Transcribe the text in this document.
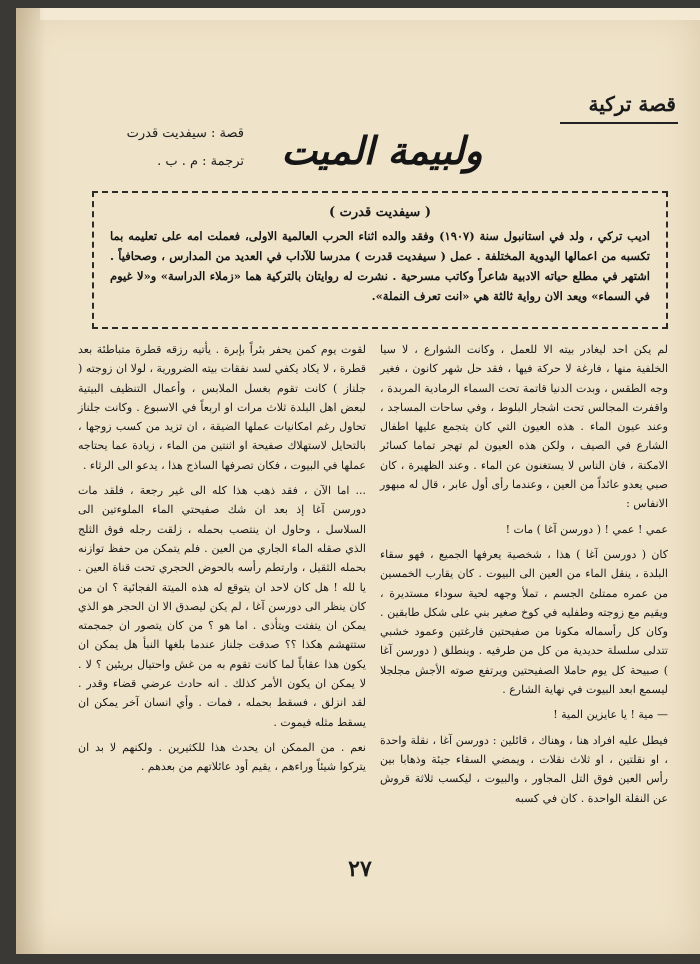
قصة تركية
ولبيمة الميت
قصة : سيفديت قدرت
ترجمة : م . ب .

( سيفديت قدرت )

اديب تركي ، ولد في استانبول سنة (١٩٠٧) وفقد والده اثناء الحرب العالمية الاولى، فعملت امه على تعليمه بما تكسبه من اعمالها اليدوية المختلفة . عمل ( سيفديت قدرت ) مدرسا للآداب في العديد من المدارس ، وصحافياً . اشتهر في مطلع حياته الادبية شاعراً وكاتب مسرحية . نشرت له روايتان بالتركية هما «زملاء الدراسة» و«لا غيوم في السماء» ويعد الان رواية ثالثة هي «انت تعرف النملة».

لم يكن احد ليغادر بيته الا للعمل ، وكانت الشوارع ، لا سيا الخلفية منها ، فارغة لا حركة فيها ، فقد حل شهر كانون ، فغير وجه الطقس ، وبدت الدنيا قاتمة تحت السماء الرمادية المربدة ، واقفرت المجالس تحت اشجار البلوط ، وفي ساحات المساجد ، وعند عيون الماء . هذه العيون التي كان يتجمع عليها اطفال الشارع في الصيف ، ولكن هذه العيون لم تهجر تماما كسائر الامكنة ، فان الناس لا يستغنون عن الماء . وعند الظهيرة ، كان صبي يعدو عائداً من العين ، وعندما رأى أول عابر ، قال له مبهور الانفاس :

عمي ! عمي ! ( دورسن آغا ) مات !

كان ( دورسن آغا ) هذا ، شخصية يعرفها الجميع ، فهو سقاء البلدة ، ينقل الماء من العين الى البيوت . كان يقارب الخمسين من عمره ممتلئ الجسم ، تملأ وجهه لحية سوداء مستديرة ، ويقيم مع زوجته وطفليه في كوخ صغير بني على شكل طابقين . وكان كل رأسماله مكونا من صفيحتين فارغتين وعمود خشبي تتدلى سلسلة حديدية من كل من طرفيه . وينطلق ( دورسن آغا ) صبيحة كل يوم حاملا الصفيحتين ويرتفع صوته الأجش مجلجلا ليسمع ابعد البيوت في نهاية الشارع .

— مية ! يا عايزين المية !

فيطل عليه افراد هنا ، وهناك ، قائلين : دورسن آغا ، نقلة واحدة ، او نقلتين ، او ثلاث نقلات ، ويمضي السقاء جيئة وذهابا بين رأس العين فوق التل المجاور ، والبيوت ، ليكسب ثلاثة قروش عن النقلة الواحدة . كان في كسبه

لقوت يوم كمن يحفر بئراً بإبرة . يأتيه رزقه قطرة متباطئة بعد قطرة ، لا يكاد يكفي لسد نفقات بيته الضرورية ، لولا ان زوجته ( جلناز ) كانت تقوم بغسل الملابس ، وأعمال التنظيف البيتية لبعض اهل البلدة ثلاث مرات او اربعاً في الاسبوع . وكانت جلناز تحاول رغم امكانيات عملها الضيقة ، ان تزيد من كسب زوجها ، بالتحايل لاستهلاك صفيحة او اثنتين من الماء ، زيادة عما يحتاجه عملها في البيوت ، فكان تصرفها الساذج هذا ، يدعو الى الرثاء .

... اما الآن ، فقد ذهب هذا كله الى غير رجعة ، فلقد مات دورسن آغا إذ بعد ان شك صفيحتي الماء الملوءتين الى السلاسل ، وحاول ان ينتصب بحمله ، زلقت رجله فوق الثلج الذي صقله الماء الجاري من العين . فلم يتمكن من حفظ توازنه بحمله الثقيل ، وارتطم رأسه بالحوض الحجري تحت قناة العين . يا لله ! هل كان لاحد ان يتوقع له هذه الميتة الفجائية ؟ ان من كان ينظر الى دورسن آغا ، لم يكن ليصدق الا ان الحجر هو الذي يمكن ان يتفتت ويتأذى . اما هو ؟ من كان يتصور ان جمجمته ستتهشم هكذا ؟؟ صدقت جلناز عندما بلغها النبأ هل يمكن ان يكون هذا عقاباً لما كانت تقوم به من غش واحتيال بريئين ؟ لا . لا يمكن ان يكون الأمر كذلك . انه حادث عرضي قضاء وقدر . لقد انزلق ، فسقط بحمله ، فمات . وأي انسان آخر يمكن ان يسقط مثله فيموت .

نعم . من الممكن ان يحدث هذا للكثيرين . ولكنهم لا بد ان يتركوا شيئاً وراءهم ، يقيم أود عائلاتهم من بعدهم .

٢٧
